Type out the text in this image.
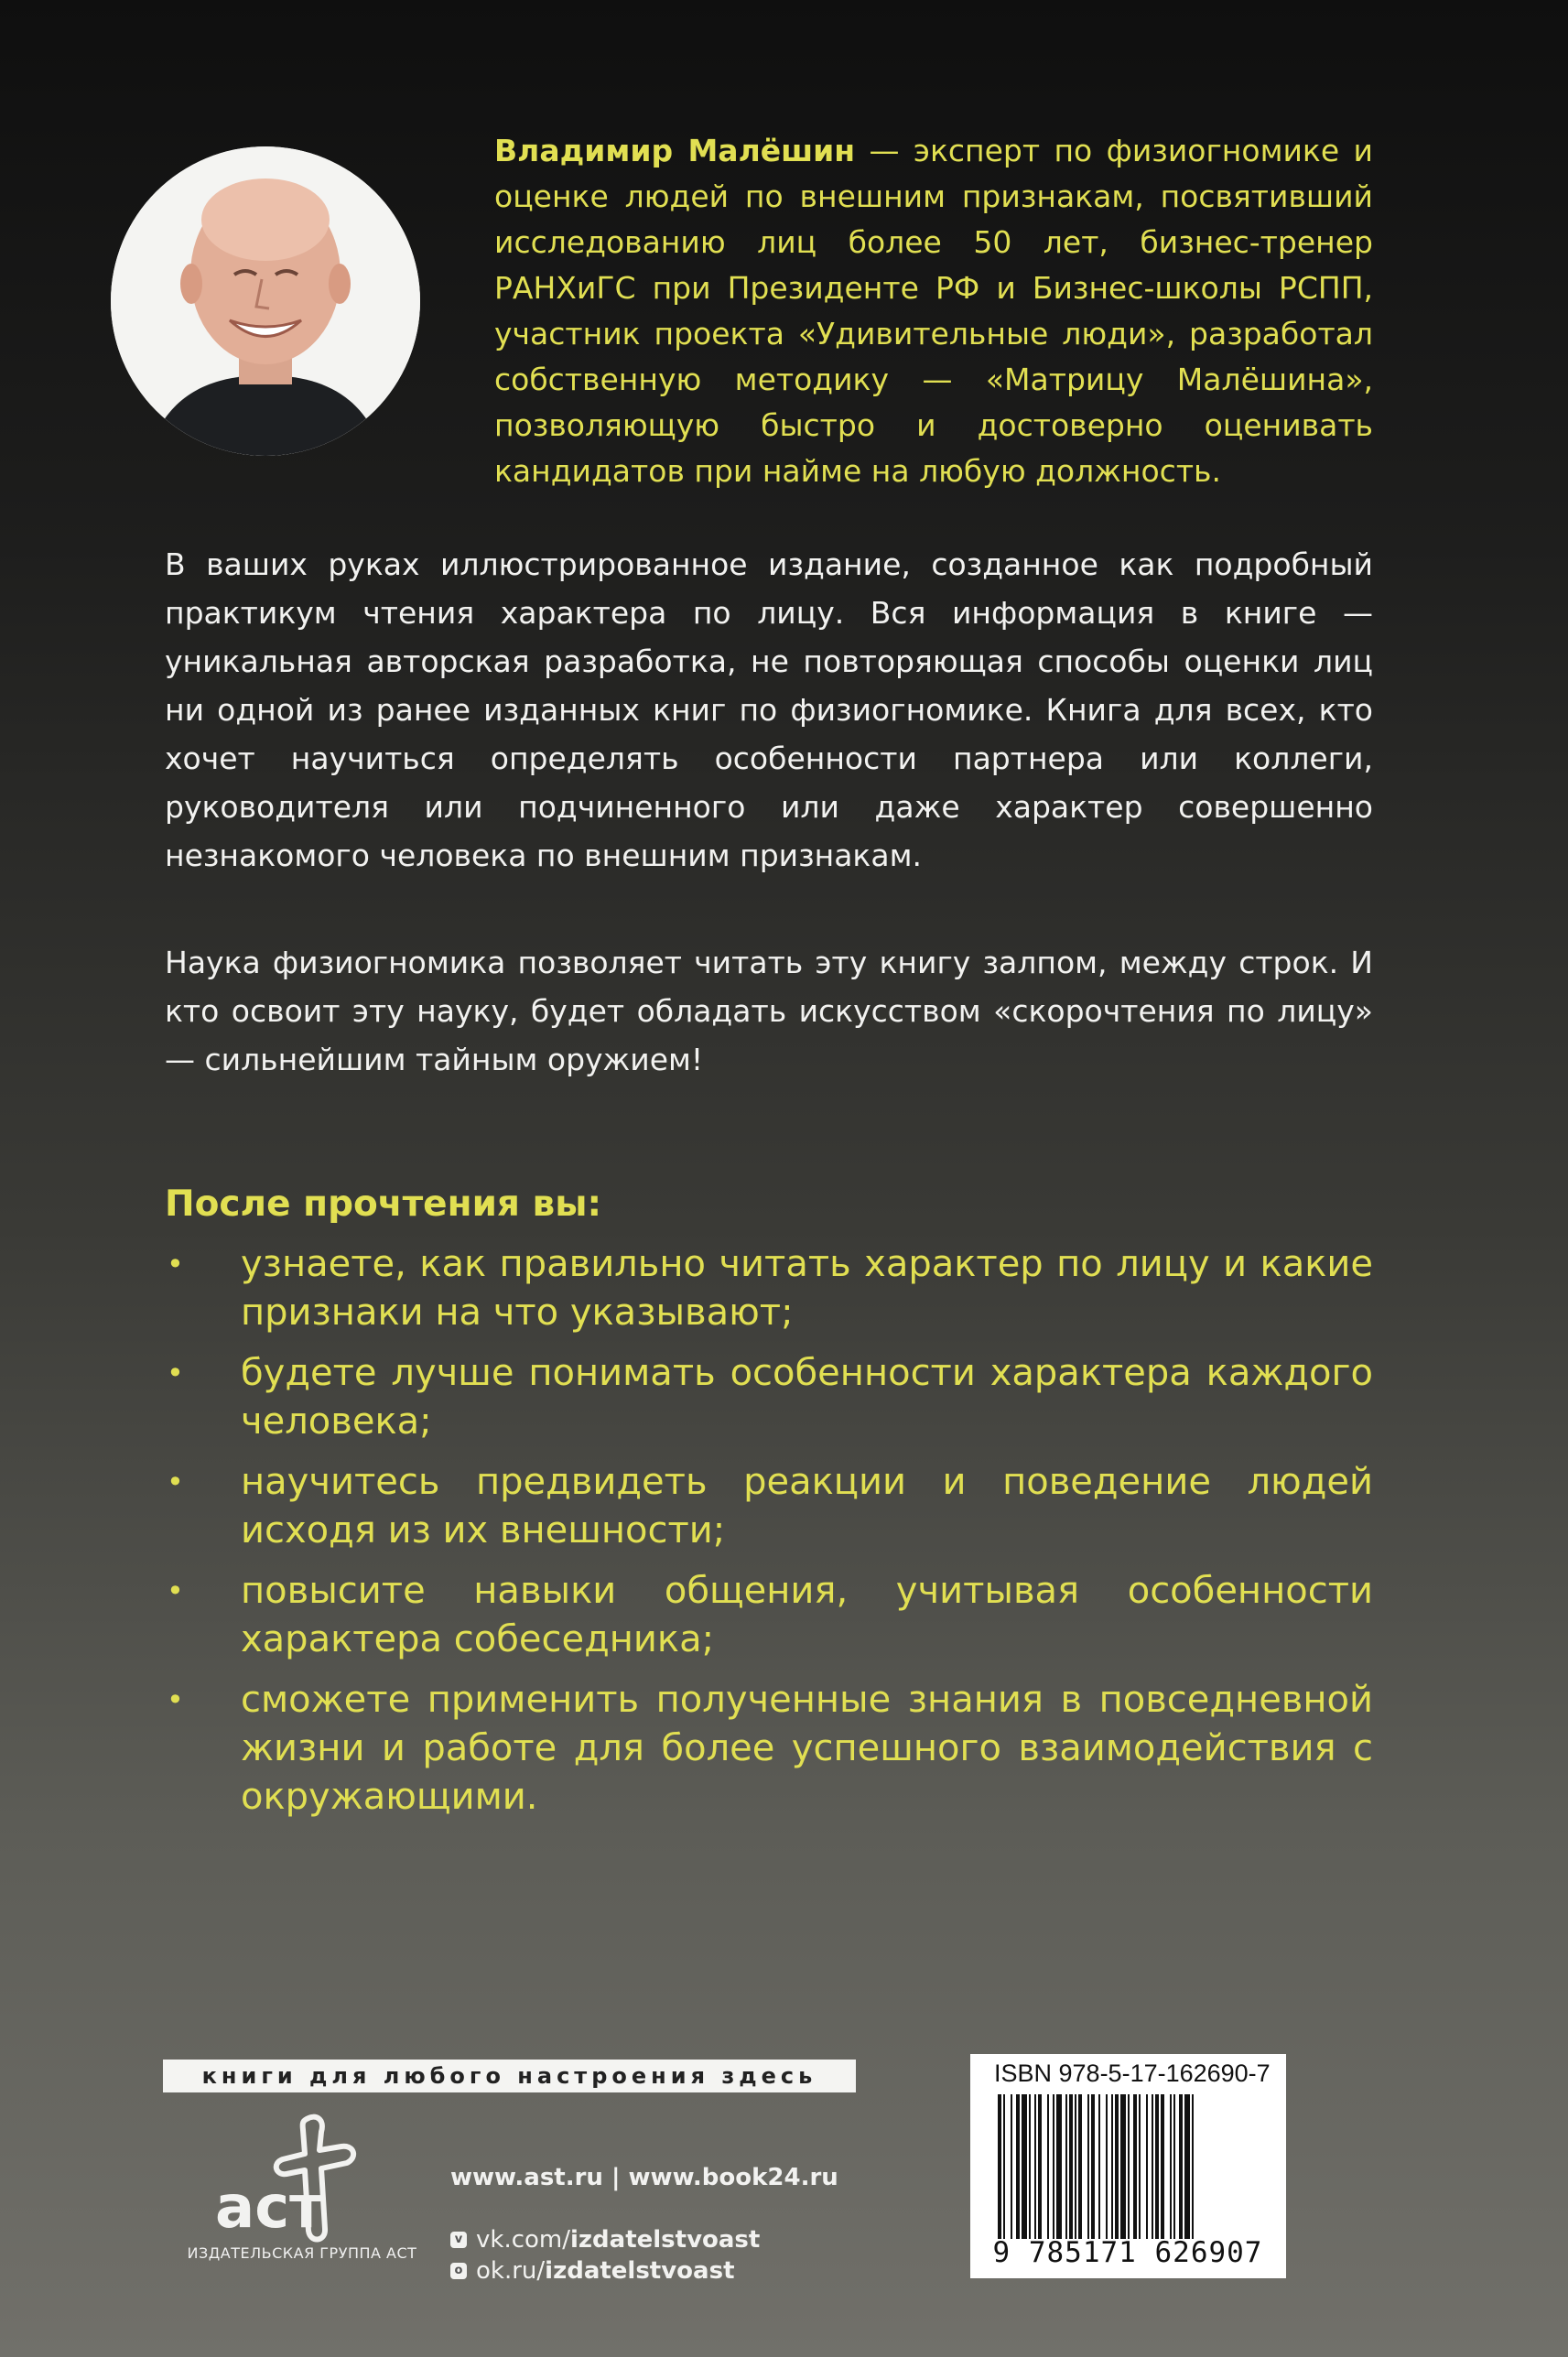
Владимир Малёшин — эксперт по физиогномике и оценке людей по внешним признакам, посвятивший исследованию лиц более 50 лет, бизнес-тренер РАНХиГС при Президенте РФ и Бизнес-школы РСПП, участник проекта «Удивительные люди», разработал собственную методику — «Матрицу Малёшина», позволяющую быстро и достоверно оценивать кандидатов при найме на любую должность.
В ваших руках иллюстрированное издание, созданное как подробный практикум чтения характера по лицу. Вся информация в книге — уникальная авторская разработка, не повторяющая способы оценки лиц ни одной из ранее изданных книг по физиогномике. Книга для всех, кто хочет научиться определять особенности партнера или коллеги, руководителя или подчиненного или даже характер совершенно незнакомого человека по внешним признакам.
Наука физиогномика позволяет читать эту книгу залпом, между строк. И кто освоит эту науку, будет обладать искусством «скорочтения по лицу» — сильнейшим тайным оружием!
После прочтения вы:
• узнаете, как правильно читать характер по лицу и какие признаки на что указывают;
• будете лучше понимать особенности характера каждого человека;
• научитесь предвидеть реакции и поведение людей исходя из их внешности;
• повысите навыки общения, учитывая особенности характера собеседника;
• сможете применить полученные знания в повседневной жизни и работе для более успешного взаимодействия с окружающими.
книги для любого настроения здесь
аст
ИЗДАТЕЛЬСКАЯ ГРУППА АСТ
www.ast.ru | www.book24.ru
v vk.com/ izdatelstvoast
o ok.ru/ izdatelstvoast
ISBN 978-5-17-162690-7
9 785171 626907
